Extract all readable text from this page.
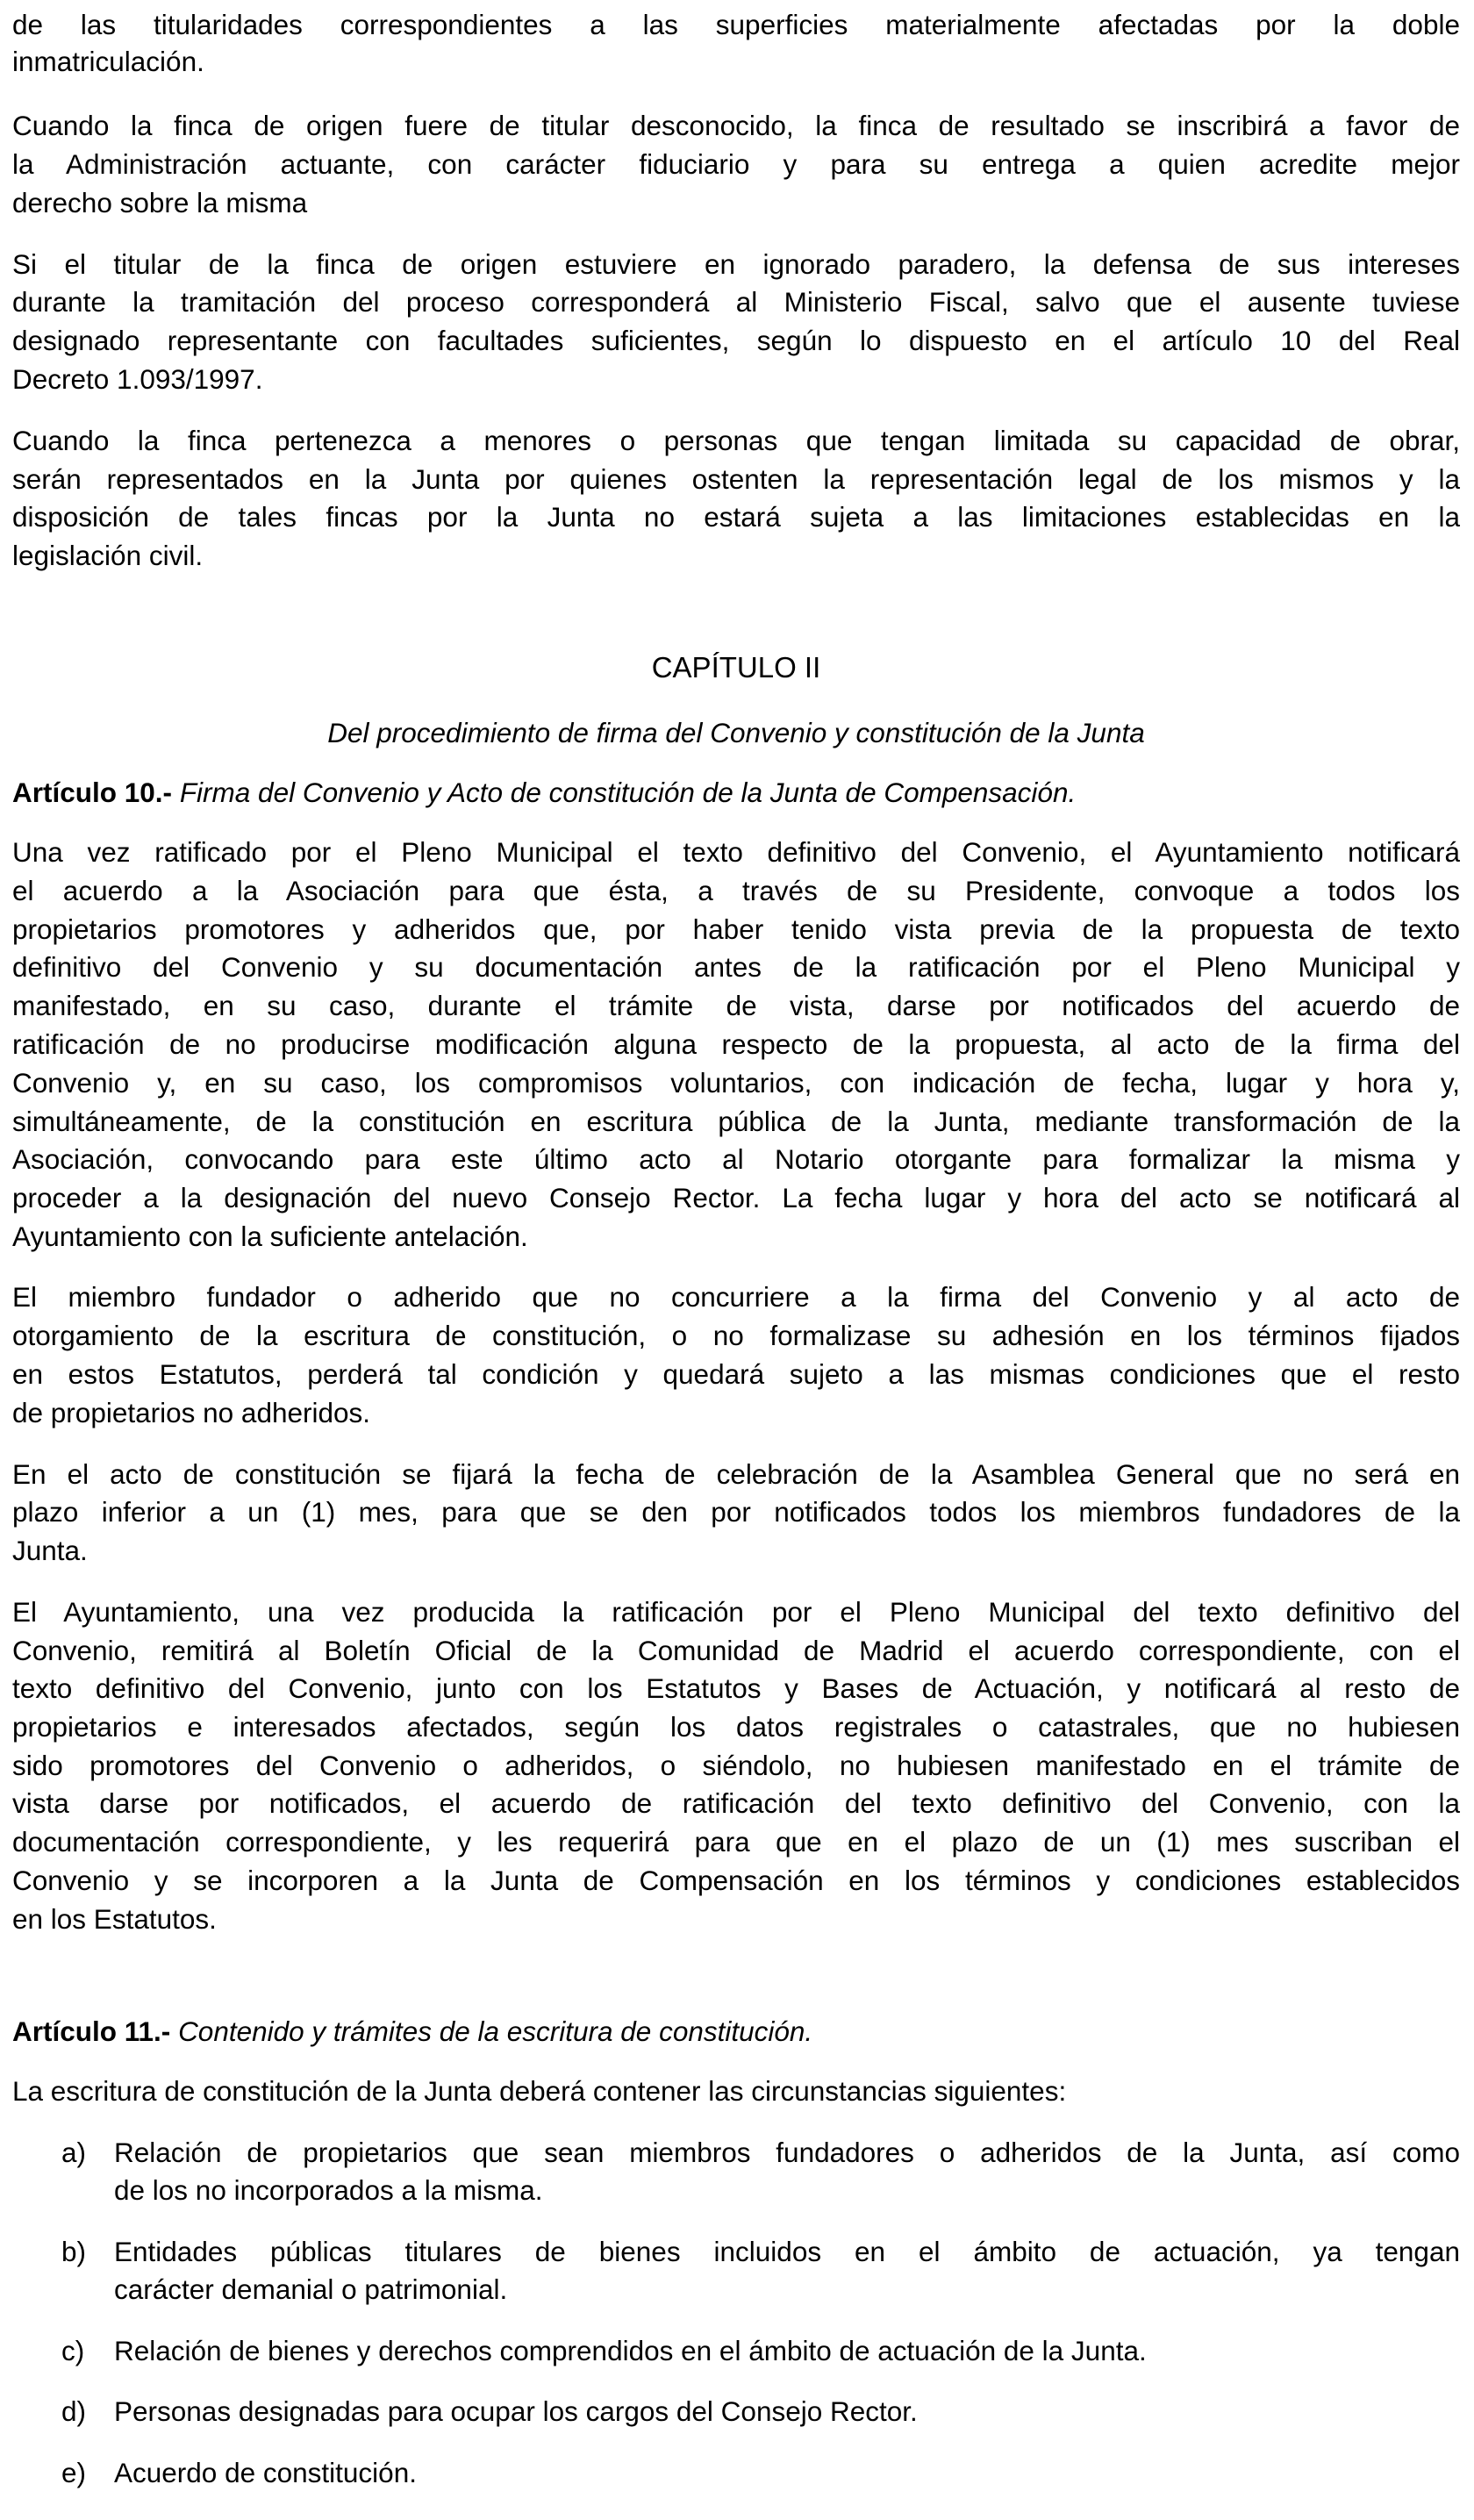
de las titularidades correspondientes a las superficies materialmente afectadas por la doble
inmatriculación.
Cuando la finca de origen fuere de titular desconocido, la finca de resultado se inscribirá a favor de
la Administración actuante, con carácter fiduciario y para su entrega a quien acredite mejor
derecho sobre la misma
Si el titular de la finca de origen estuviere en ignorado paradero, la defensa de sus intereses
durante la tramitación del proceso corresponderá al Ministerio Fiscal, salvo que el ausente tuviese
designado representante con facultades suficientes, según lo dispuesto en el artículo 10 del Real
Decreto 1.093/1997.
Cuando la finca pertenezca a menores o personas que tengan limitada su capacidad de obrar,
serán representados en la Junta por quienes ostenten la representación legal de los mismos y la
disposición de tales fincas por la Junta no estará sujeta a las limitaciones establecidas en la
legislación civil.
CAPÍTULO II
Del procedimiento de firma del Convenio y constitución de la Junta
Artículo 10.- Firma del Convenio y Acto de constitución de la Junta de Compensación.
Una vez ratificado por el Pleno Municipal el texto definitivo del Convenio, el Ayuntamiento notificará
el acuerdo a la Asociación para que ésta, a través de su Presidente, convoque a todos los
propietarios promotores y adheridos que, por haber tenido vista previa de la propuesta de texto
definitivo del Convenio y su documentación antes de la ratificación por el Pleno Municipal y
manifestado, en su caso, durante el trámite de vista, darse por notificados del acuerdo de
ratificación de no producirse modificación alguna respecto de la propuesta, al acto de la firma del
Convenio y, en su caso, los compromisos voluntarios, con indicación de fecha, lugar y hora y,
simultáneamente, de la constitución en escritura pública de la Junta, mediante transformación de la
Asociación, convocando para este último acto al Notario otorgante para formalizar la misma y
proceder a la designación del nuevo Consejo Rector. La fecha lugar y hora del acto se notificará al
Ayuntamiento con la suficiente antelación.
El miembro fundador o adherido que no concurriere a la firma del Convenio y al acto de
otorgamiento de la escritura de constitución, o no formalizase su adhesión en los términos fijados
en estos Estatutos, perderá tal condición y quedará sujeto a las mismas condiciones que el resto
de propietarios no adheridos.
En el acto de constitución se fijará la fecha de celebración de la Asamblea General que no será en
plazo inferior a un (1) mes, para que se den por notificados todos los miembros fundadores de la
Junta.
El Ayuntamiento, una vez producida la ratificación por el Pleno Municipal del texto definitivo del
Convenio, remitirá al Boletín Oficial de la Comunidad de Madrid el acuerdo correspondiente, con el
texto definitivo del Convenio, junto con los Estatutos y Bases de Actuación, y notificará al resto de
propietarios e interesados afectados, según los datos registrales o catastrales, que no hubiesen
sido promotores del Convenio o adheridos, o siéndolo, no hubiesen manifestado en el trámite de
vista darse por notificados, el acuerdo de ratificación del texto definitivo del Convenio, con la
documentación correspondiente, y les requerirá para que en el plazo de un (1) mes suscriban el
Convenio y se incorporen a la Junta de Compensación en los términos y condiciones establecidos
en los Estatutos.
Artículo 11.- Contenido y trámites de la escritura de constitución.
La escritura de constitución de la Junta deberá contener las circunstancias siguientes:
a) Relación de propietarios que sean miembros fundadores o adheridos de la Junta, así como
de los no incorporados a la misma.
b) Entidades públicas titulares de bienes incluidos en el ámbito de actuación, ya tengan
carácter demanial o patrimonial.
c) Relación de bienes y derechos comprendidos en el ámbito de actuación de la Junta.
d) Personas designadas para ocupar los cargos del Consejo Rector.
e) Acuerdo de constitución.
